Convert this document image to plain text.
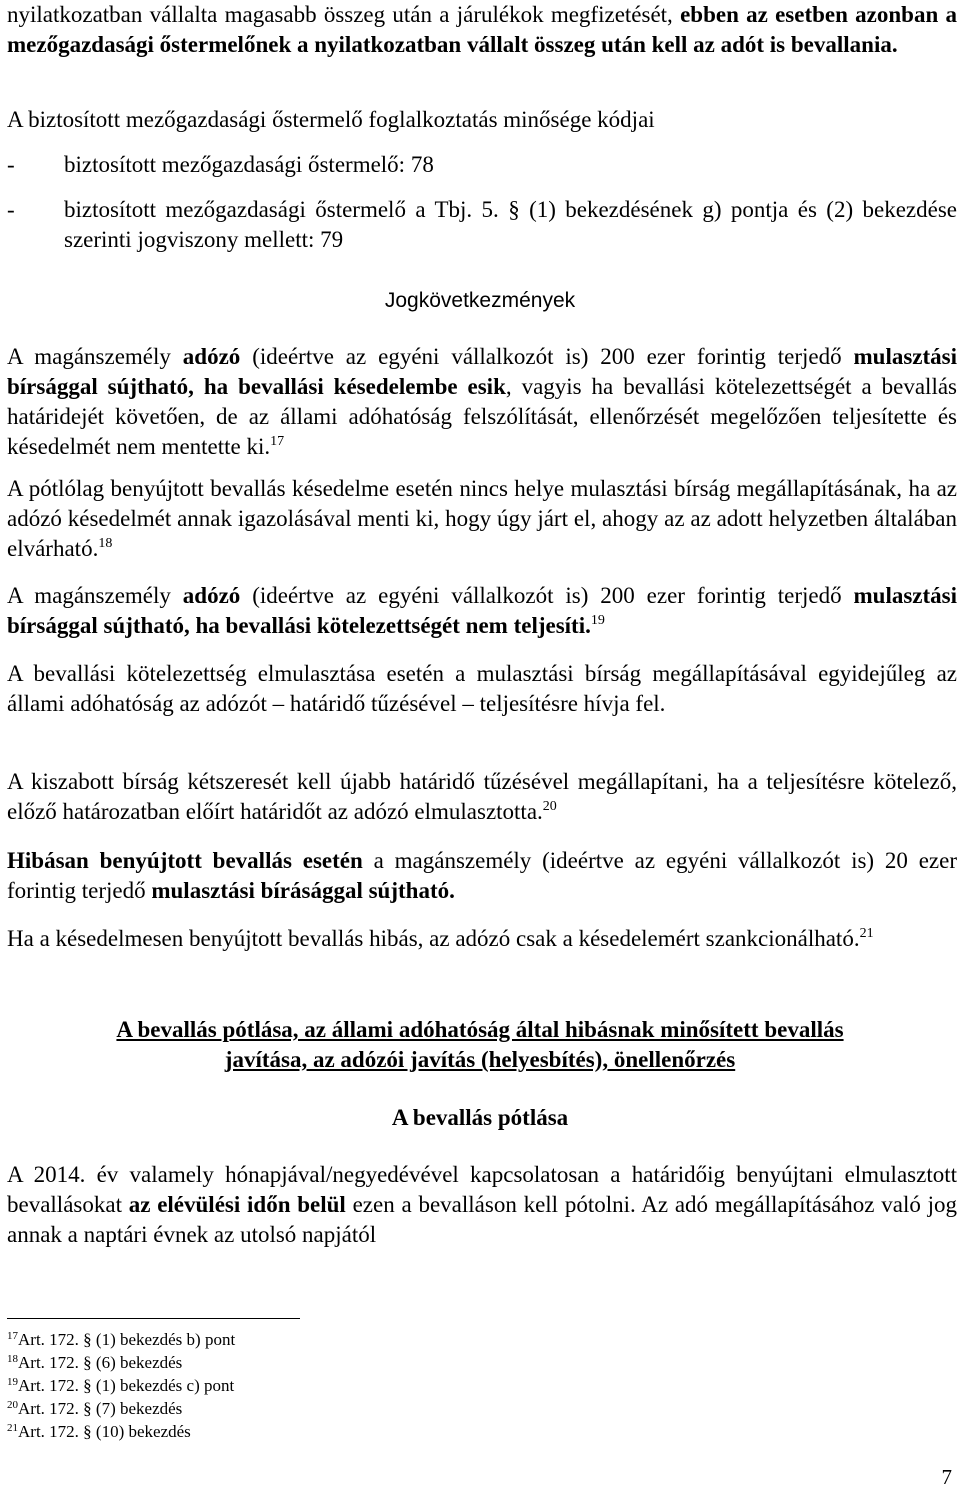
nyilatkozatban vállalta magasabb összeg után a járulékok megfizetését, ebben az esetben azonban a mezőgazdasági őstermelőnek a nyilatkozatban vállalt összeg után kell az adót is bevallania.

A biztosított mezőgazdasági őstermelő foglalkoztatás minősége kódjai

- biztosított mezőgazdasági őstermelő: 78

- biztosított mezőgazdasági őstermelő a Tbj. 5. § (1) bekezdésének g) pontja és (2) bekezdése szerinti jogviszony mellett: 79

Jogkövetkezmények

A magánszemély adózó (ideértve az egyéni vállalkozót is) 200 ezer forintig terjedő mulasztási bírsággal sújtható, ha bevallási késedelembe esik, vagyis ha bevallási kötelezettségét a bevallás határidejét követően, de az állami adóhatóság felszólítását, ellenőrzését megelőzően teljesítette és késedelmét nem mentette ki.$^{17}$

A pótlólag benyújtott bevallás késedelme esetén nincs helye mulasztási bírság megállapításának, ha az adózó késedelmét annak igazolásával menti ki, hogy úgy járt el, ahogy az az adott helyzetben általában elvárható.$^{18}$

A magánszemély adózó (ideértve az egyéni vállalkozót is) 200 ezer forintig terjedő mulasztási bírsággal sújtható, ha bevallási kötelezettségét nem teljesíti.$^{19}$

A bevallási kötelezettség elmulasztása esetén a mulasztási bírság megállapításával egyidejűleg az állami adóhatóság az adózót – határidő tűzésével – teljesítésre hívja fel.

A kiszabott bírság kétszeresét kell újabb határidő tűzésével megállapítani, ha a teljesítésre kötelező, előző határozatban előírt határidőt az adózó elmulasztotta.$^{20}$

Hibásan benyújtott bevallás esetén a magánszemély (ideértve az egyéni vállalkozót is) 20 ezer forintig terjedő mulasztási bírásággal sújtható.

Ha a késedelmesen benyújtott bevallás hibás, az adózó csak a késedelemért szankcionálható.$^{21}$

A bevallás pótlása, az állami adóhatóság által hibásnak minősített bevallás
javítása, az adózói javítás (helyesbítés), önellenőrzés

A bevallás pótlása

A 2014. év valamely hónapjával/negyedévével kapcsolatosan a határidőig benyújtani elmulasztott bevallásokat az elévülési időn belül ezen a bevalláson kell pótolni. Az adó megállapításához való jog annak a naptári évnek az utolsó napjától

$^{17}$Art. 172. § (1) bekezdés b) pont
$^{18}$Art. 172. § (6) bekezdés
$^{19}$Art. 172. § (1) bekezdés c) pont
$^{20}$Art. 172. § (7) bekezdés
$^{21}$Art. 172. § (10) bekezdés
7
